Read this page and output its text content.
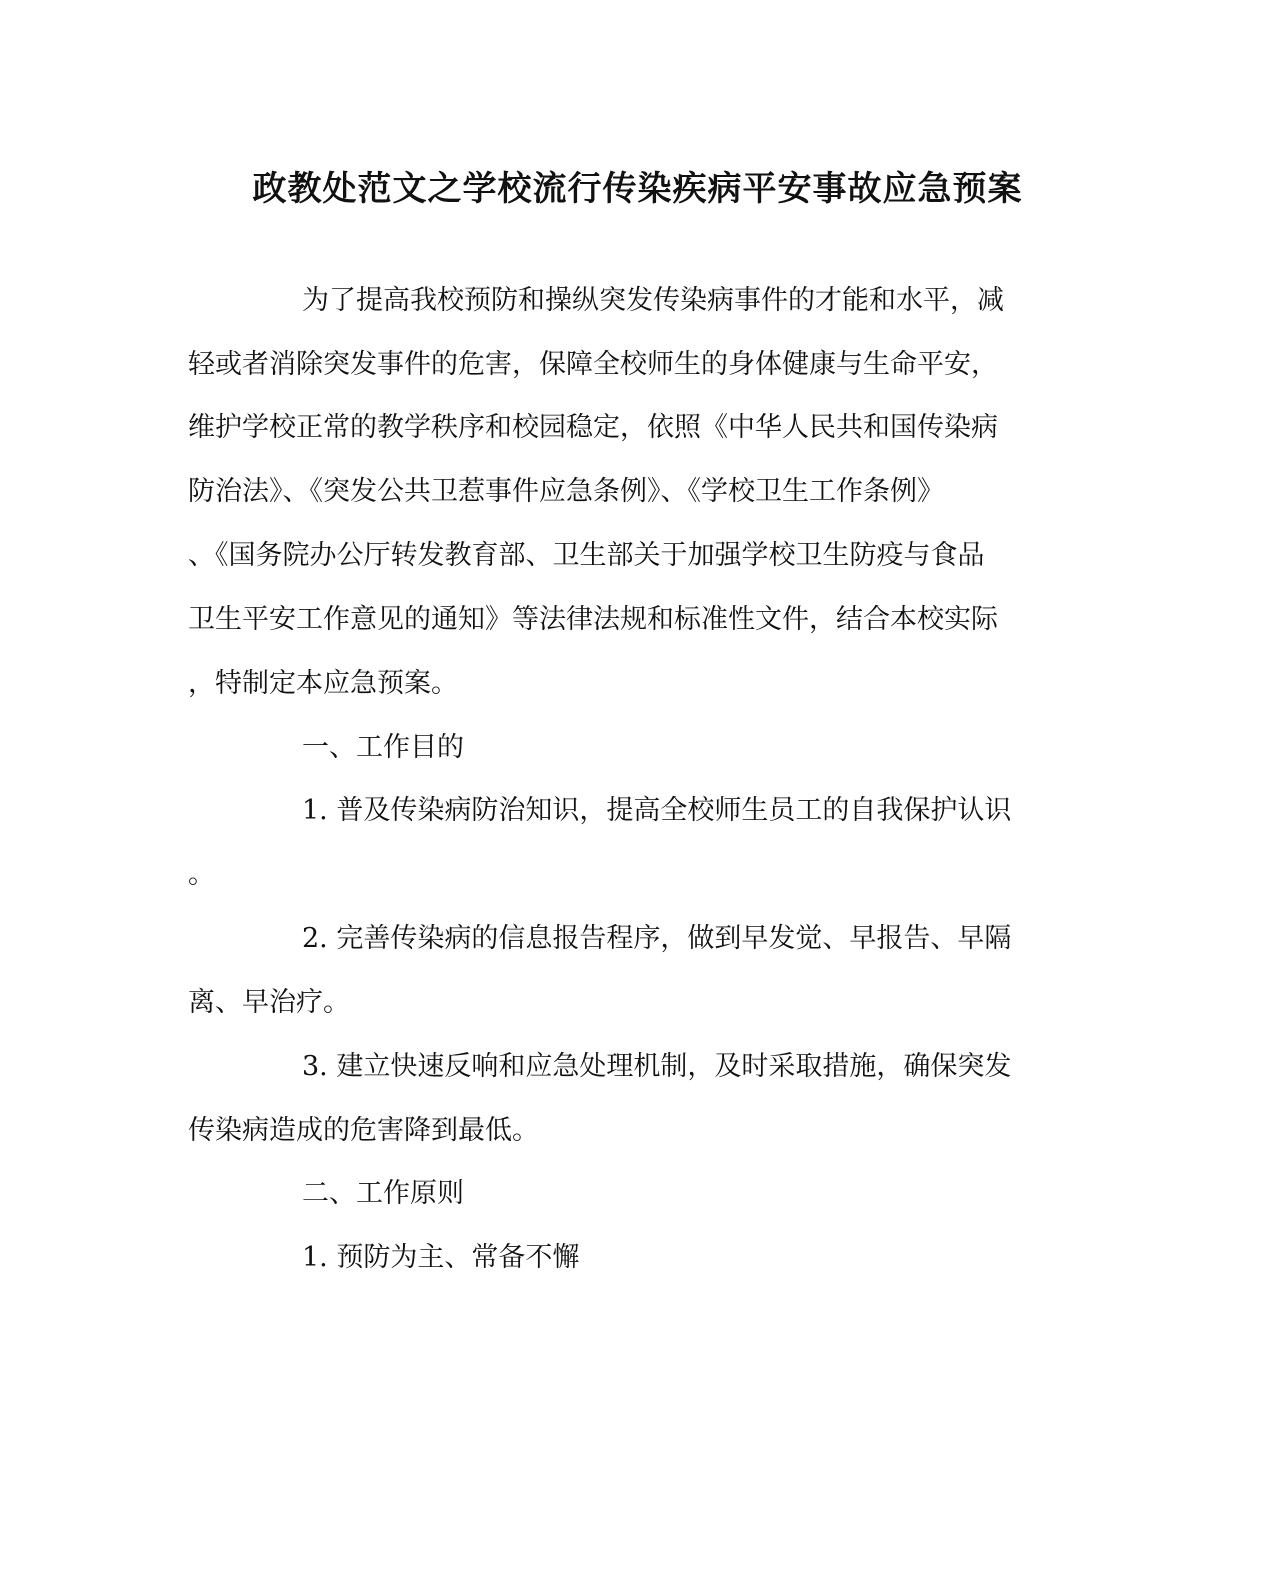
政教处范文之学校流行传染疾病平安事故应急预案
为了提高我校预防和操纵突发传染病事件的才能和水平，减
轻或者消除突发事件的危害，保障全校师生的身体健康与生命平安，
维护学校正常的教学秩序和校园稳定，依照《中华人民共和国传染病
防治法》、《突发公共卫惹事件应急条例》、《学校卫生工作条例》
、《国务院办公厅转发教育部、卫生部关于加强学校卫生防疫与食品
卫生平安工作意见的通知》等法律法规和标准性文件，结合本校实际
，特制定本应急预案。
一、工作目的
1. 普及传染病防治知识，提高全校师生员工的自我保护认识
。
2. 完善传染病的信息报告程序，做到早发觉、早报告、早隔
离、早治疗。
3. 建立快速反响和应急处理机制，及时采取措施，确保突发
传染病造成的危害降到最低。
二、工作原则
1. 预防为主、常备不懈
